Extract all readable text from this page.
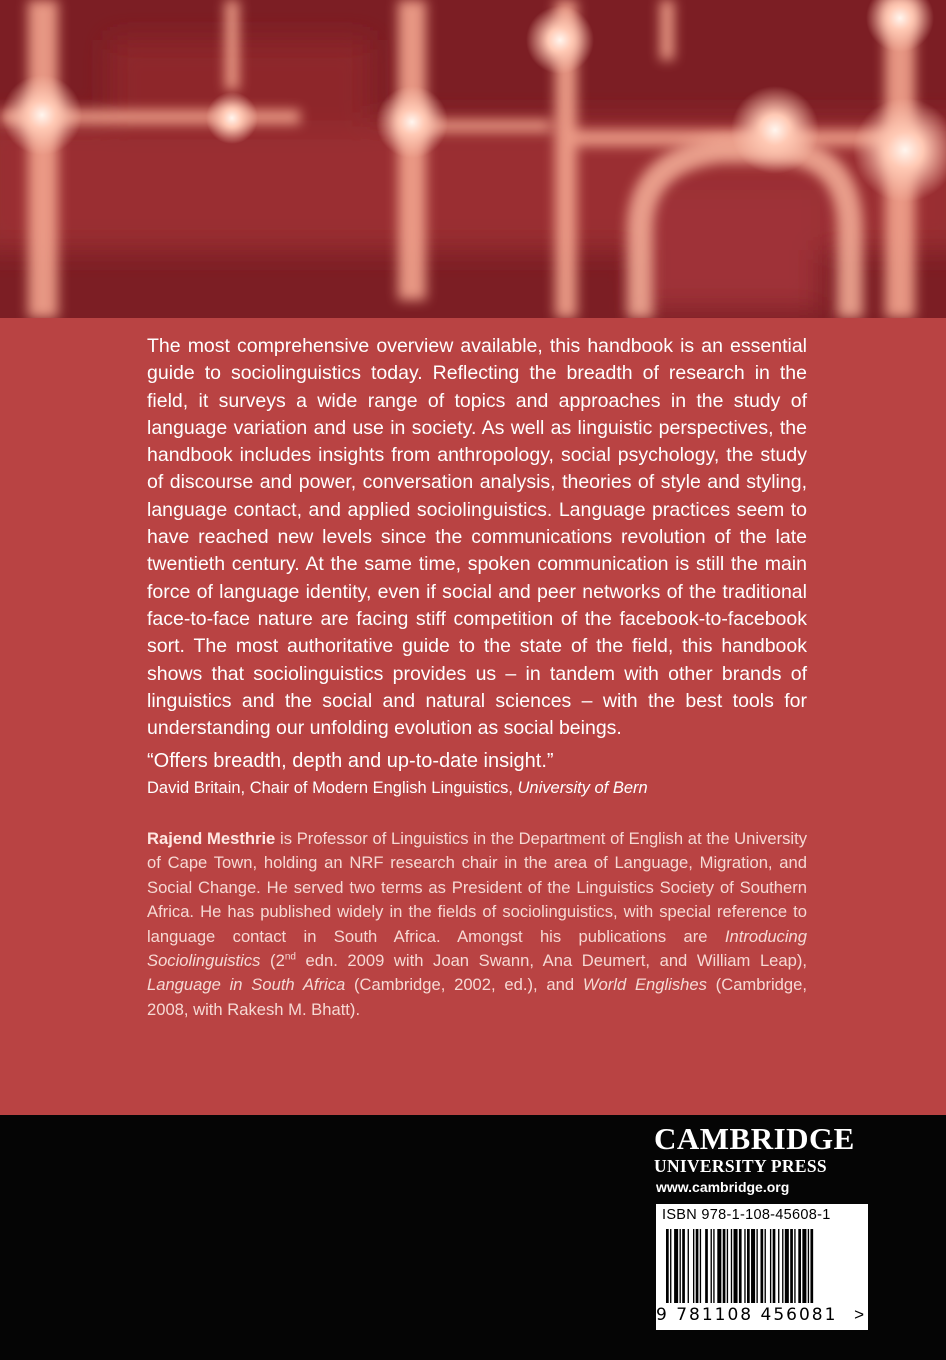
The most comprehensive overview available, this handbook is an essential guide to sociolinguistics today. Reflecting the breadth of research in the field, it surveys a wide range of topics and approaches in the study of language variation and use in society. As well as linguistic perspectives, the handbook includes insights from anthropology, social psychology, the study of discourse and power, conversation analysis, theories of style and styling, language contact, and applied sociolinguistics. Language practices seem to have reached new levels since the communications revolution of the late twentieth century. At the same time, spoken communication is still the main force of language identity, even if social and peer networks of the traditional face-to-face nature are facing stiff competition of the facebook-to-facebook sort. The most authoritative guide to the state of the field, this handbook shows that sociolinguistics provides us – in tandem with other brands of linguistics and the social and natural sciences – with the best tools for understanding our unfolding evolution as social beings.

“Offers breadth, depth and up-to-date insight.”

David Britain, Chair of Modern English Linguistics, University of Bern

Rajend Mesthrie is Professor of Linguistics in the Department of English at the University of Cape Town, holding an NRF research chair in the area of Language, Migration, and Social Change. He served two terms as President of the Linguistics Society of Southern Africa. He has published widely in the fields of sociolinguistics, with special reference to language contact in South Africa. Amongst his publications are Introducing Sociolinguistics (2nd edn. 2009 with Joan Swann, Ana Deumert, and William Leap), Language in South Africa (Cambridge, 2002, ed.), and World Englishes (Cambridge, 2008, with Rakesh M. Bhatt).

CAMBRIDGE
UNIVERSITY PRESS
www.cambridge.org
ISBN 978-1-108-45608-1
9 781108 456081 >
